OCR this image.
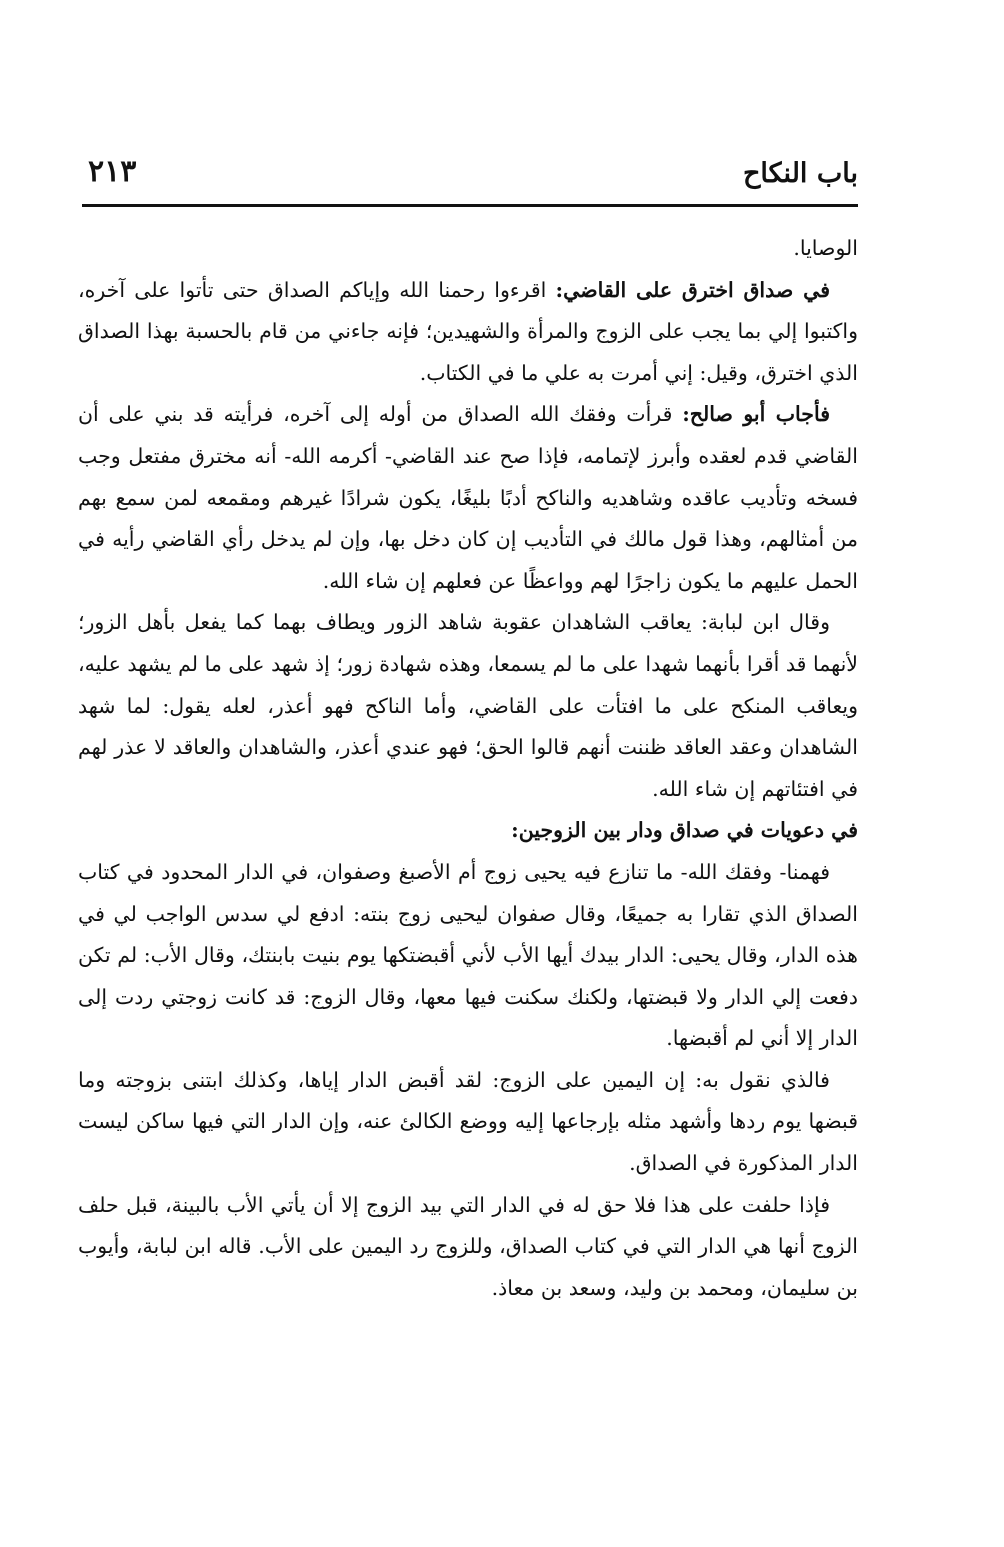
باب النكاح
٢١٣

الوصايا.

في صداق اخترق على القاضي: اقرءوا رحمنا الله وإياكم الصداق حتى تأتوا على آخره، واكتبوا إلي بما يجب على الزوج والمرأة والشهيدين؛ فإنه جاءني من قام بالحسبة بهذا الصداق الذي اخترق، وقيل: إني أمرت به علي ما في الكتاب.

فأجاب أبو صالح: قرأت وفقك الله الصداق من أوله إلى آخره، فرأيته قد بني على أن القاضي قدم لعقده وأبرز لإتمامه، فإذا صح عند القاضي- أكرمه الله- أنه مخترق مفتعل وجب فسخه وتأديب عاقده وشاهديه والناكح أدبًا بليغًا، يكون شرادًا غيرهم ومقمعه لمن سمع بهم من أمثالهم، وهذا قول مالك في التأديب إن كان دخل بها، وإن لم يدخل رأي القاضي رأيه في الحمل عليهم ما يكون زاجرًا لهم وواعظًا عن فعلهم إن شاء الله.

وقال ابن لبابة: يعاقب الشاهدان عقوبة شاهد الزور ويطاف بهما كما يفعل بأهل الزور؛ لأنهما قد أقرا بأنهما شهدا على ما لم يسمعا، وهذه شهادة زور؛ إذ شهد على ما لم يشهد عليه، ويعاقب المنكح على ما افتأت على القاضي، وأما الناكح فهو أعذر، لعله يقول: لما شهد الشاهدان وعقد العاقد ظننت أنهم قالوا الحق؛ فهو عندي أعذر، والشاهدان والعاقد لا عذر لهم في افتئاتهم إن شاء الله.

في دعويات في صداق ودار بين الزوجين:

فهمنا- وفقك الله- ما تنازع فيه يحيى زوج أم الأصبغ وصفوان، في الدار المحدود في كتاب الصداق الذي تقارا به جميعًا، وقال صفوان ليحيى زوج بنته: ادفع لي سدس الواجب لي في هذه الدار، وقال يحيى: الدار بيدك أيها الأب لأني أقبضتكها يوم بنيت بابنتك، وقال الأب: لم تكن دفعت إلي الدار ولا قبضتها، ولكنك سكنت فيها معها، وقال الزوج: قد كانت زوجتي ردت إلى الدار إلا أني لم أقبضها.

فالذي نقول به: إن اليمين على الزوج: لقد أقبض الدار إياها، وكذلك ابتنى بزوجته وما قبضها يوم ردها وأشهد مثله بإرجاعها إليه ووضع الكالئ عنه، وإن الدار التي فيها ساكن ليست الدار المذكورة في الصداق.

فإذا حلفت على هذا فلا حق له في الدار التي بيد الزوج إلا أن يأتي الأب بالبينة، قبل حلف الزوج أنها هي الدار التي في كتاب الصداق، وللزوج رد اليمين على الأب. قاله ابن لبابة، وأيوب بن سليمان، ومحمد بن وليد، وسعد بن معاذ.
